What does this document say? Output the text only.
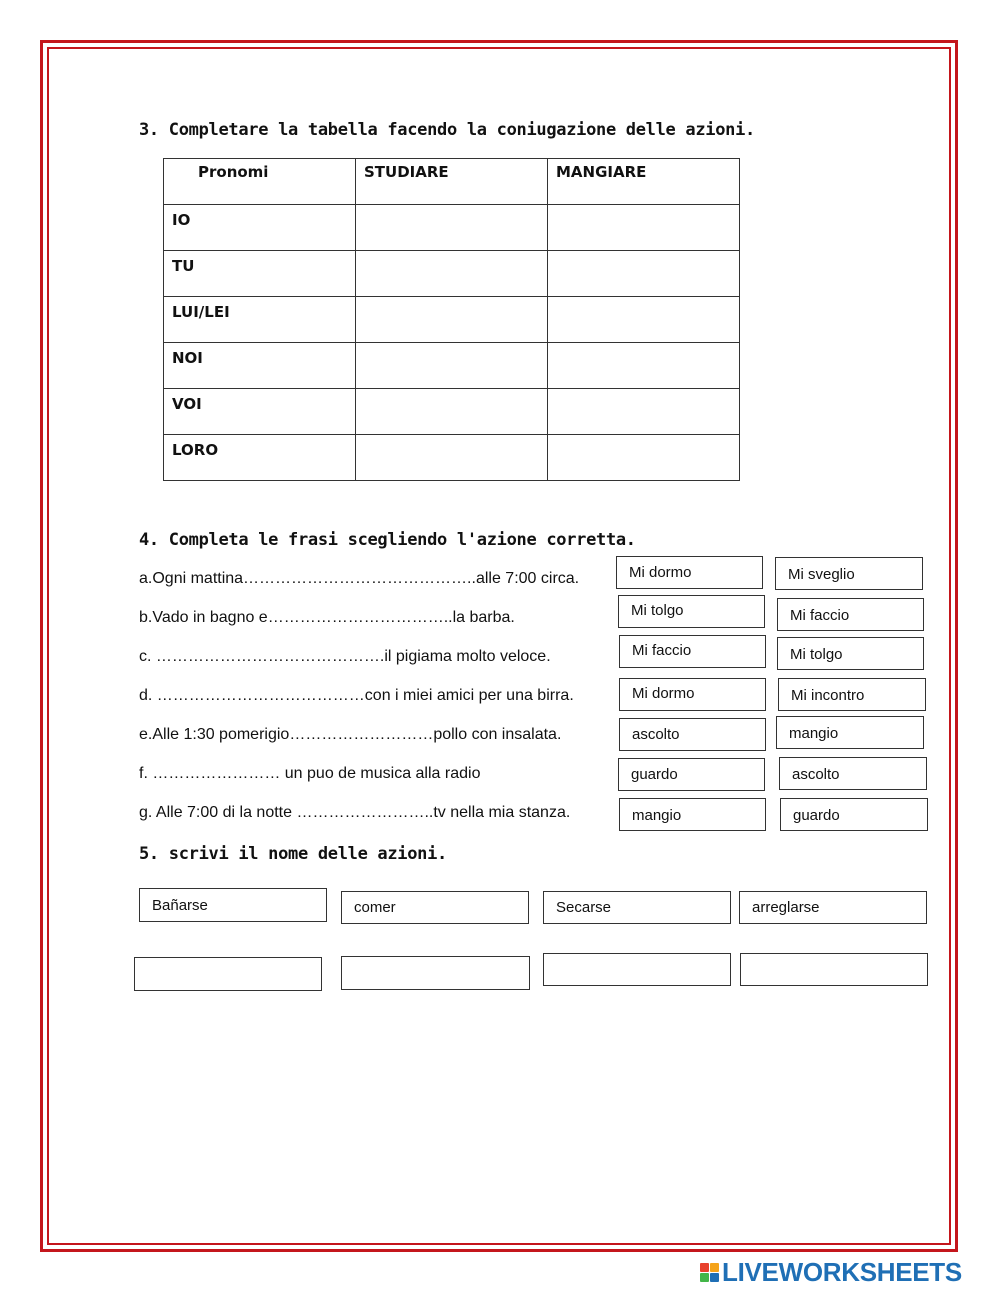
3. Completare la tabella facendo la coniugazione delle azioni.
Pronomi	STUDIARE	MANGIARE
IO		
TU		
LUI/LEI		
NOI		
VOI		
LORO		
4. Completa le frasi scegliendo l'azione corretta.
a.Ogni mattina……………………………………..alle 7:00 circa.
b.Vado in bagno e……………………………..la barba.
c. …………………………………….il pigiama molto veloce.
d. …………………………………con i miei amici per una birra.
e.Alle 1:30 pomerigio………………………pollo con insalata.
f. …………………… un puo de musica alla radio
g. Alle 7:00 di la notte ……………………..tv nella mia stanza.
Mi dormo
Mi tolgo
Mi faccio
Mi dormo
ascolto
guardo
mangio
Mi sveglio
Mi faccio
Mi tolgo
Mi incontro
mangio
ascolto
guardo
5. scrivi il nome delle azioni.
Bañarse	comer	Secarse	arreglarse
LIVEWORKSHEETS
